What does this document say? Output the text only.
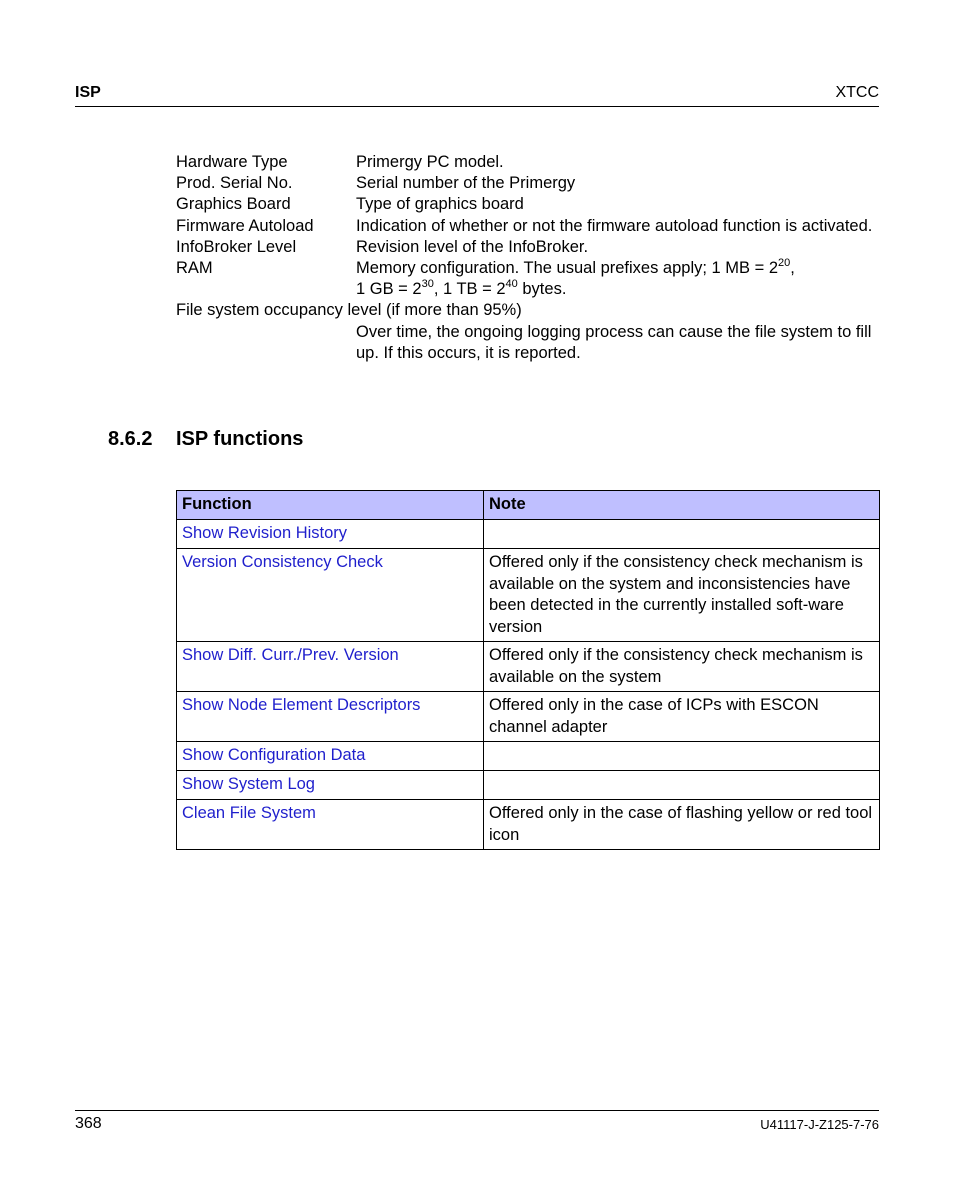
ISP	XTCC
Hardware Type	Primergy PC model.
Prod. Serial No.	Serial number of the Primergy
Graphics Board	Type of graphics board
Firmware Autoload	Indication of whether or not the firmware autoload function is activated.
InfoBroker Level	Revision level of the InfoBroker.
RAM	Memory configuration. The usual prefixes apply; 1 MB = $2^{20}$,
1 GB = $2^{30}$, 1 TB = $2^{40}$ bytes.
File system occupancy level (if more than 95%)
Over time, the ongoing logging process can cause the file system to fill up. If this occurs, it is reported.
8.6.2 ISP functions
Function	Note
Show Revision History	
Version Consistency Check	Offered only if the consistency check mechanism is available on the system and inconsistencies have been detected in the currently installed soft-ware version
Show Diff. Curr./Prev. Version	Offered only if the consistency check mechanism is available on the system
Show Node Element Descriptors	Offered only in the case of ICPs with ESCON channel adapter
Show Configuration Data	
Show System Log	
Clean File System	Offered only in the case of flashing yellow or red tool icon
368	U41117-J-Z125-7-76
